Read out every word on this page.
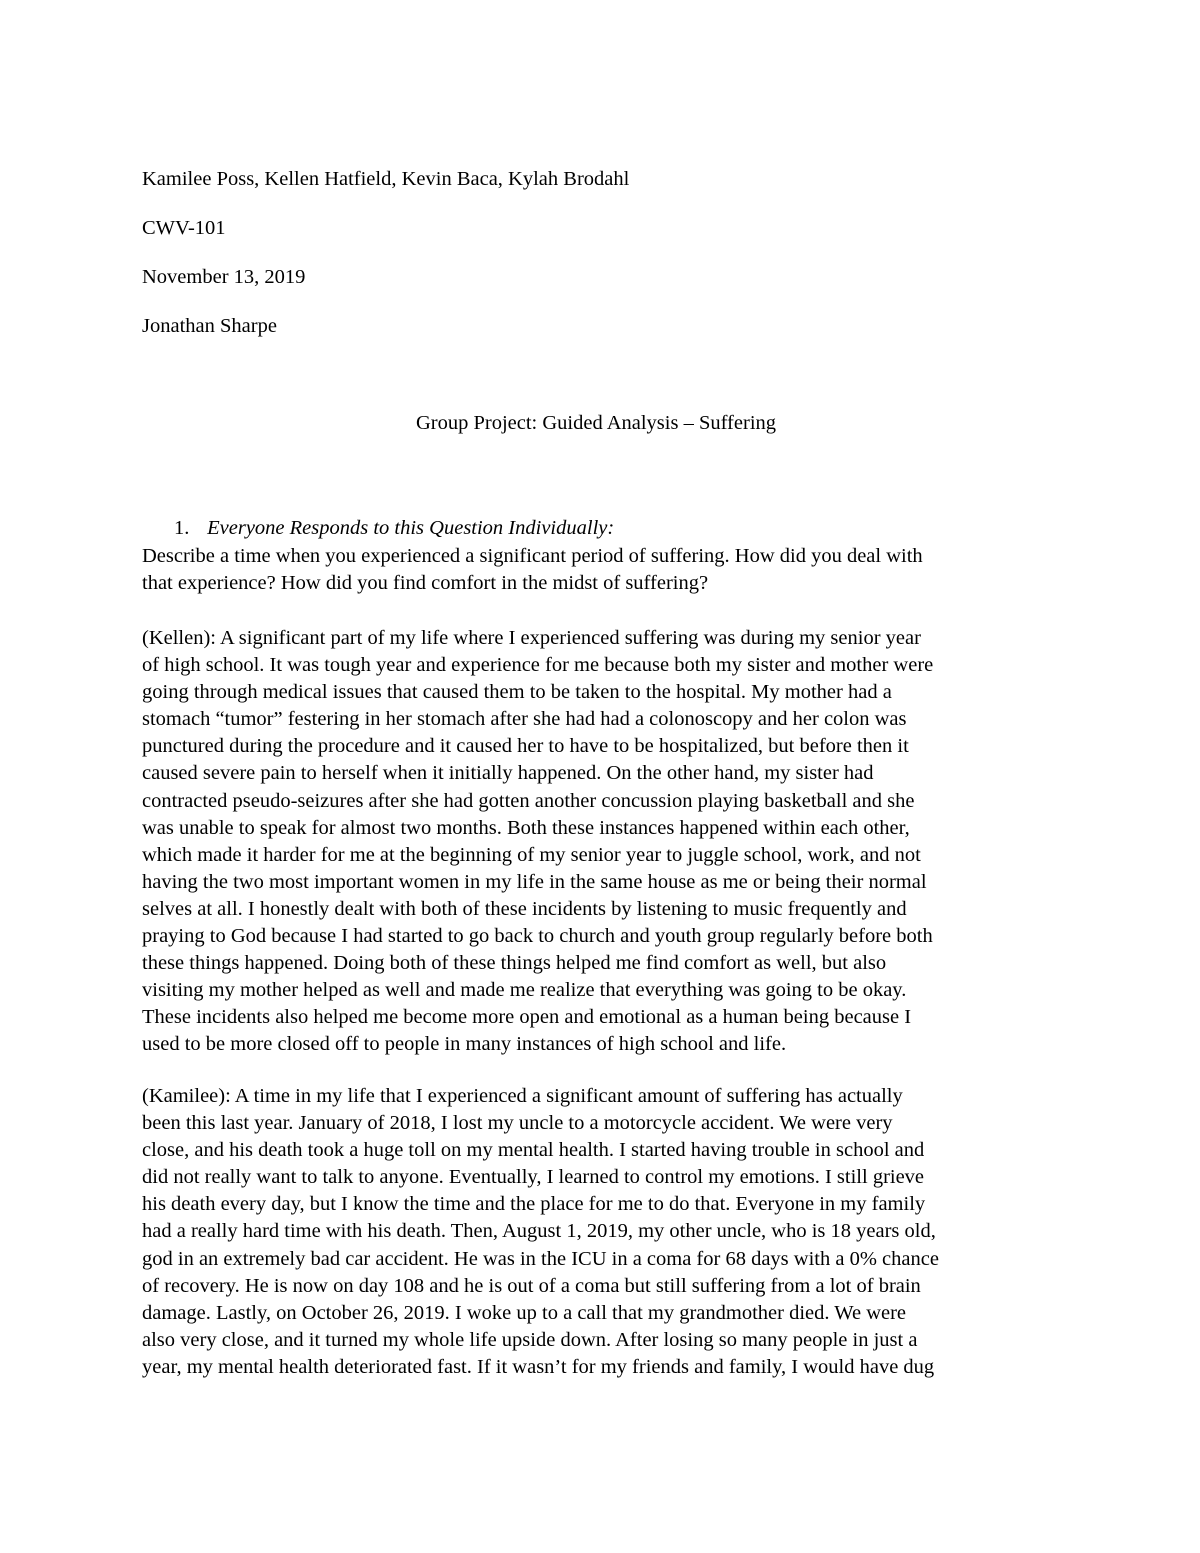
Kamilee Poss, Kellen Hatfield, Kevin Baca, Kylah Brodahl
CWV-101
November 13, 2019
Jonathan Sharpe
Group Project: Guided Analysis – Suffering
1. Everyone Responds to this Question Individually:
Describe a time when you experienced a significant period of suffering. How did you deal with
that experience? How did you find comfort in the midst of suffering?
(Kellen): A significant part of my life where I experienced suffering was during my senior year
of high school. It was tough year and experience for me because both my sister and mother were
going through medical issues that caused them to be taken to the hospital. My mother had a
stomach “tumor” festering in her stomach after she had had a colonoscopy and her colon was
punctured during the procedure and it caused her to have to be hospitalized, but before then it
caused severe pain to herself when it initially happened. On the other hand, my sister had
contracted pseudo-seizures after she had gotten another concussion playing basketball and she
was unable to speak for almost two months. Both these instances happened within each other,
which made it harder for me at the beginning of my senior year to juggle school, work, and not
having the two most important women in my life in the same house as me or being their normal
selves at all. I honestly dealt with both of these incidents by listening to music frequently and
praying to God because I had started to go back to church and youth group regularly before both
these things happened. Doing both of these things helped me find comfort as well, but also
visiting my mother helped as well and made me realize that everything was going to be okay.
These incidents also helped me become more open and emotional as a human being because I
used to be more closed off to people in many instances of high school and life.
(Kamilee): A time in my life that I experienced a significant amount of suffering has actually
been this last year. January of 2018, I lost my uncle to a motorcycle accident. We were very
close, and his death took a huge toll on my mental health. I started having trouble in school and
did not really want to talk to anyone. Eventually, I learned to control my emotions. I still grieve
his death every day, but I know the time and the place for me to do that. Everyone in my family
had a really hard time with his death. Then, August 1, 2019, my other uncle, who is 18 years old,
god in an extremely bad car accident. He was in the ICU in a coma for 68 days with a 0% chance
of recovery. He is now on day 108 and he is out of a coma but still suffering from a lot of brain
damage. Lastly, on October 26, 2019. I woke up to a call that my grandmother died. We were
also very close, and it turned my whole life upside down. After losing so many people in just a
year, my mental health deteriorated fast. If it wasn’t for my friends and family, I would have dug
